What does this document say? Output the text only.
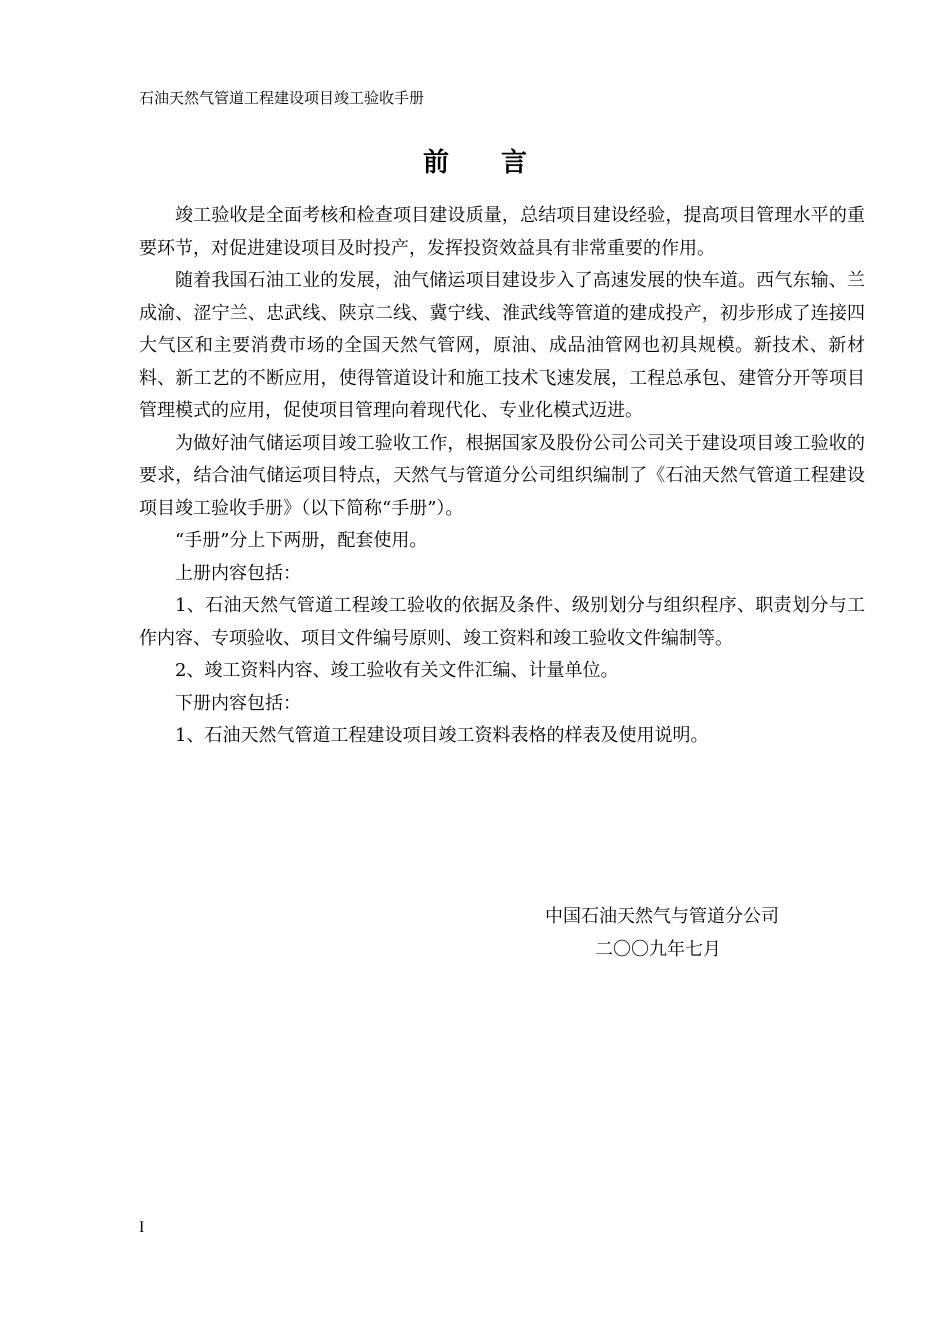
石油天然气管道工程建设项目竣工验收手册
前言

竣工验收是全面考核和检查项目建设质量，总结项目建设经验，提高项目管理水平的重要环节，对促进建设项目及时投产，发挥投资效益具有非常重要的作用。

随着我国石油工业的发展，油气储运项目建设步入了高速发展的快车道。西气东输、兰成渝、涩宁兰、忠武线、陕京二线、冀宁线、淮武线等管道的建成投产，初步形成了连接四大气区和主要消费市场的全国天然气管网，原油、成品油管网也初具规模。新技术、新材料、新工艺的不断应用，使得管道设计和施工技术飞速发展，工程总承包、建管分开等项目管理模式的应用，促使项目管理向着现代化、专业化模式迈进。

为做好油气储运项目竣工验收工作，根据国家及股份公司公司关于建设项目竣工验收的要求，结合油气储运项目特点，天然气与管道分公司组织编制了《石油天然气管道工程建设项目竣工验收手册》（以下简称“手册”）。

“手册”分上下两册，配套使用。

上册内容包括：

1、石油天然气管道工程竣工验收的依据及条件、级别划分与组织程序、职责划分与工作内容、专项验收、项目文件编号原则、竣工资料和竣工验收文件编制等。

2、竣工资料内容、竣工验收有关文件汇编、计量单位。

下册内容包括：

1、石油天然气管道工程建设项目竣工资料表格的样表及使用说明。

中国石油天然气与管道分公司
二〇〇九年七月
I
